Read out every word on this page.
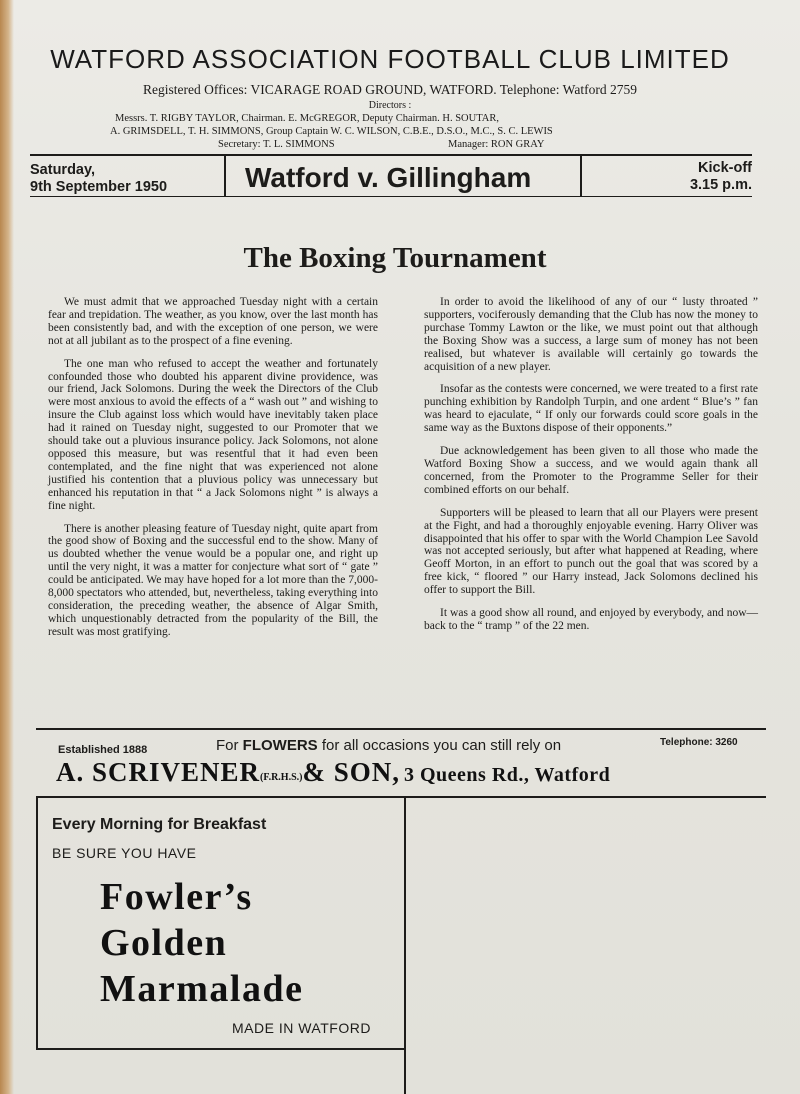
WATFORD ASSOCIATION FOOTBALL CLUB LIMITED
Registered Offices: VICARAGE ROAD GROUND, WATFORD. Telephone: Watford 2759
Directors :
Messrs. T. RIGBY TAYLOR, Chairman. E. McGREGOR, Deputy Chairman. H. SOUTAR,
A. GRIMSDELL, T. H. SIMMONS, Group Captain W. C. WILSON, C.B.E., D.S.O., M.C., S. C. LEWIS
Secretary: T. L. SIMMONS	Manager: RON GRAY
Saturday,
9th September 1950	Watford v. Gillingham	Kick-off
3.15 p.m.
The Boxing Tournament

We must admit that we approached Tuesday night with a certain fear and trepidation. The weather, as you know, over the last month has been consistently bad, and with the exception of one person, we were not at all jubilant as to the prospect of a fine evening.

The one man who refused to accept the weather and fortunately confounded those who doubted his apparent divine providence, was our friend, Jack Solomons. During the week the Directors of the Club were most anxious to avoid the effects of a “ wash out ” and wishing to insure the Club against loss which would have inevitably taken place had it rained on Tuesday night, suggested to our Promoter that we should take out a pluvious insurance policy. Jack Solomons, not alone opposed this measure, but was resentful that it had even been contemplated, and the fine night that was experienced not alone justified his contention that a pluvious policy was unnecessary but enhanced his reputation in that “ a Jack Solomons night ” is always a fine night.

There is another pleasing feature of Tuesday night, quite apart from the good show of Boxing and the successful end to the show. Many of us doubted whether the venue would be a popular one, and right up until the very night, it was a matter for conjecture what sort of “ gate ” could be anticipated. We may have hoped for a lot more than the 7,000-8,000 spectators who attended, but, nevertheless, taking everything into consideration, the preceding weather, the absence of Algar Smith, which unquestionably detracted from the popularity of the Bill, the result was most gratifying.

In order to avoid the likelihood of any of our “ lusty throated ” supporters, vociferously demanding that the Club has now the money to purchase Tommy Lawton or the like, we must point out that although the Boxing Show was a success, a large sum of money has not been realised, but whatever is available will certainly go towards the acquisition of a new player.

Insofar as the contests were concerned, we were treated to a first rate punching exhibition by Randolph Turpin, and one ardent “ Blue’s ” fan was heard to ejaculate, “ If only our forwards could score goals in the same way as the Buxtons dispose of their opponents.”

Due acknowledgement has been given to all those who made the Watford Boxing Show a success, and we would again thank all concerned, from the Promoter to the Programme Seller for their combined efforts on our behalf.

Supporters will be pleased to learn that all our Players were present at the Fight, and had a thoroughly enjoyable evening. Harry Oliver was disappointed that his offer to spar with the World Champion Lee Savold was not accepted seriously, but after what happened at Reading, where Geoff Morton, in an effort to punch out the goal that was scored by a free kick, “ floored ” our Harry instead, Jack Solomons declined his offer to support the Bill.

It was a good show all round, and enjoyed by everybody, and now—back to the “ tramp ” of the 22 men.

Established 1888	For FLOWERS for all occasions you can still rely on	Telephone: 3260
A. SCRIVENER(F.R.H.S.)& SON, 3 Queens Rd., Watford
Every Morning for Breakfast
BE SURE YOU HAVE
Fowler’s
Golden
Marmalade
MADE IN WATFORD
